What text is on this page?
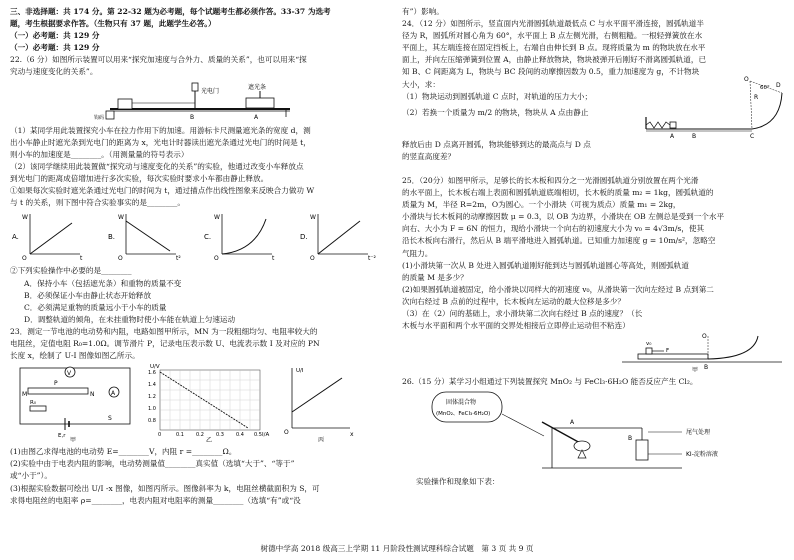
三、非选择题：共 174 分。第 22-32 题为必考题，每个试题考生都必须作答。33-37 为选考
题，考生根据要求作答。（生物只有 37 题，此题学生必答。）
（一）必考题：共 129 分
（一）必考题：共 129 分
22.（6 分）如图所示装置可以用来“探究加速度与合外力、质量的关系”，也可以用来“探
究动与速度变化的关系”。
光电门
遮光条
B	A
钩码
（1）某同学用此装置探究小车在拉力作用下的加速。用游标卡尺测量遮光条的宽度 d，测
出小车静止时遮光条到光电门的距离为 x，光电计时器读出遮光条通过光电门的时间是 t，
则小车的加速度是________。（用测量量的符号表示）
（2）该同学继续用此装置做“探究动与速度变化的关系”的实验，他通过改变小车释放点
到光电门的距离成倍增加进行多次实验，每次实验时要求小车都由静止释放。
①如果每次实验时遮光条通过光电门的时间为 t，通过描点作出线性图象来反映合力做功 W
与 t 的关系，则下图中符合实验事实的是________。
A.
W
O	t
B.
W
O	t²
C.
W
O	t
D.
W
O	t⁻²
②下列实验操作中必要的是________
A．保持小车（包括遮光条）和重物的质量不变
B．必须保证小车由静止状态开始释放
C．必须满足重物的质量远小于小车的质量
D．调整轨道的倾角，在未挂重物时使小车能在轨道上匀速运动
23．测定一节电池的电动势和内阻，电路如图甲所示，MN 为一段粗细均匀、电阻率较大的
电阻丝，定值电阻 R₀=1.0Ω。调节滑片 P，记录电压表示数 U、电流表示数 I 及对应的 PN
长度 x，绘制了 U-I 图像如图乙所示。
V
M	N
P
A
R₀
E,r
S
甲
U/V
I/A
1.6
1.4
1.2
1.0
0.8
0	0.1 0.2 0.3 0.4 0.5
乙
U/I
x
O
丙
(1)由图乙求得电池的电动势 E=________V，内阻 r =________Ω。
(2)实验中由于电表内阻的影响，电动势测量值________真实值（选填“大于”、“等于”
或“小于”）。
(3)根据实验数据可绘出 U/I -x 图像，如图丙所示。图像斜率为 k，电阻丝横截面积为 S，可
求得电阻丝的电阻率 ρ=________，电表内阻对电阻率的测量________（选填“有”或“没
有”）影响。
24．（12 分）如图所示，竖直面内光滑圆弧轨道最低点 C 与水平面平滑连接，圆弧轨道半
径为 R，圆弧所对圆心角为 60°，水平面上 B 点左侧光滑，右侧粗糙。一根轻弹簧放在水
平面上，其左端连接在固定挡板上，右端自由伸长到 B 点。现将质量为 m 的物块放在水平
面上，并向左压缩弹簧到位置 A，由静止释放物块，物块被弹开后刚好不滑离圆弧轨道，已
知 B、C 间距离为 L，物块与 BC 段间的动摩擦因数为 0.5，重力加速度为 g，不计物块
大小，求：
（1）物块运动到圆弧轨道 C 点时，对轨道的压力大小；
（2）若换一个质量为 m/2 的物块，物块从 A 点由静止
O
D
R
60°
A	B	C
释放后由 D 点离开圆弧，物块能够到达的最高点与 D 点
的竖直高度差？
25．（20分）如图甲所示，足够长的长木板和四分之一光滑圆弧轨道分别放置在两个光滑
的水平面上，长木板右端上表面和圆弧轨道底端相切，长木板的质量 m₂ = 1kg，圆弧轨道的
质量为 M，半径 R=2m，O为圆心。一个小滑块（可视为质点）质量 m₁ = 2kg，
小滑块与长木板间的动摩擦因数 μ = 0.3，以 OB 为边界，小滑块在 OB 左侧总是受到一个水平
向右、大小为 F = 6N 的恒力，现给小滑块一个向右的初速度大小为 v₀ = 4√3m/s，使其
沿长木板向右滑行，然后从 B 端平滑地进入圆弧轨道。已知重力加速度 g = 10m/s²，忽略空
气阻力。
(1)小滑块第一次从 B 处进入圆弧轨道刚好能到达与圆弧轨道圆心等高处，则圆弧轨道
的质量 M 是多少？
(2)如果圆弧轨道被固定，给小滑块以同样大的初速度 v₀，从滑块第一次向左经过 B 点到第二
次向右经过 B 点前的过程中，长木板向左运动的最大位移是多少？
（3）在（2）问的基础上，求小滑块第二次向右经过 B 点的速度？（长
木板与水平面和两个水平面的交界处相接后立即停止运动但不粘连）
F
v₀
O
B
甲
26.（15 分）某学习小组通过下列装置探究 MnO₂ 与 FeCl₃·6H₂O 能否反应产生 Cl₂。
固体混合物
(MnO₂、FeCl₃·6H₂O)
A
B
尾气处理
KI-淀粉溶液
实验操作和现象如下表：
树德中学高 2018 级高三上学期 11 月阶段性测试理科综合试题　第 3 页 共 9 页
